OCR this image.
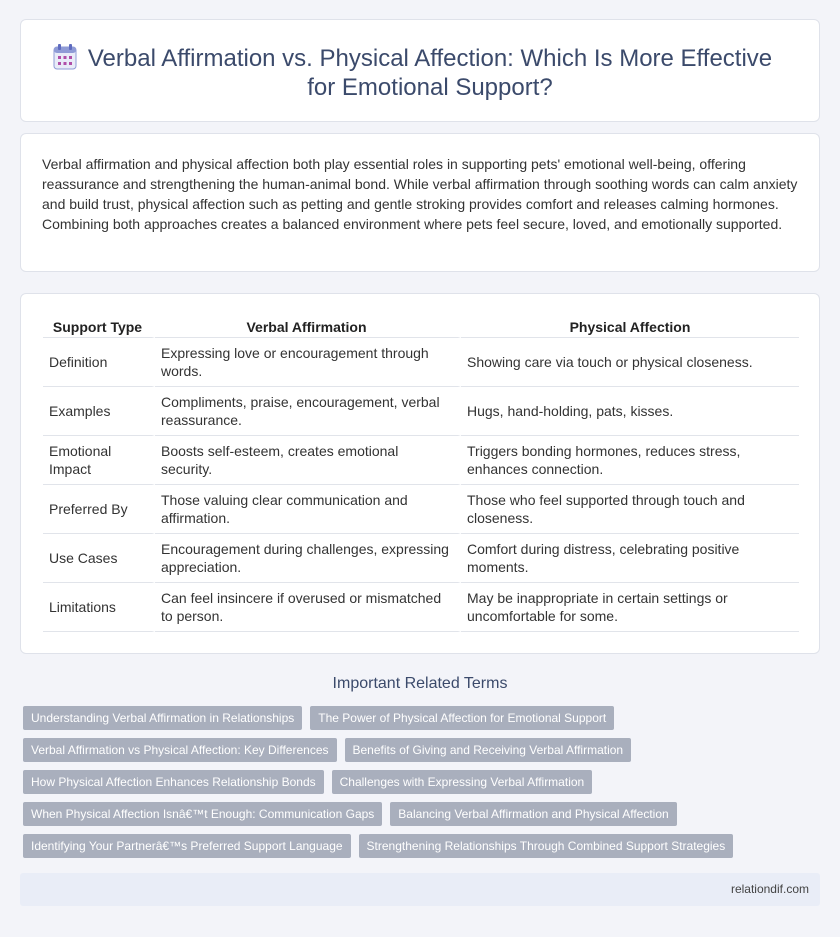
Verbal Affirmation vs. Physical Affection: Which Is More Effective for Emotional Support?

Verbal affirmation and physical affection both play essential roles in supporting pets' emotional well-being, offering reassurance and strengthening the human-animal bond. While verbal affirmation through soothing words can calm anxiety and build trust, physical affection such as petting and gentle stroking provides comfort and releases calming hormones. Combining both approaches creates a balanced environment where pets feel secure, loved, and emotionally supported.

Support Type	Verbal Affirmation	Physical Affection
Definition	Expressing love or encouragement through words.	Showing care via touch or physical closeness.
Examples	Compliments, praise, encouragement, verbal reassurance.	Hugs, hand-holding, pats, kisses.
Emotional Impact	Boosts self-esteem, creates emotional security.	Triggers bonding hormones, reduces stress, enhances connection.
Preferred By	Those valuing clear communication and affirmation.	Those who feel supported through touch and closeness.
Use Cases	Encouragement during challenges, expressing appreciation.	Comfort during distress, celebrating positive moments.
Limitations	Can feel insincere if overused or mismatched to person.	May be inappropriate in certain settings or uncomfortable for some.
Important Related Terms
Understanding Verbal Affirmation in Relationships	The Power of Physical Affection for Emotional Support
Verbal Affirmation vs Physical Affection: Key Differences	Benefits of Giving and Receiving Verbal Affirmation
How Physical Affection Enhances Relationship Bonds	Challenges with Expressing Verbal Affirmation
When Physical Affection Isnâ€™t Enough: Communication Gaps	Balancing Verbal Affirmation and Physical Affection
Identifying Your Partnerâ€™s Preferred Support Language	Strengthening Relationships Through Combined Support Strategies
relationdif.com
